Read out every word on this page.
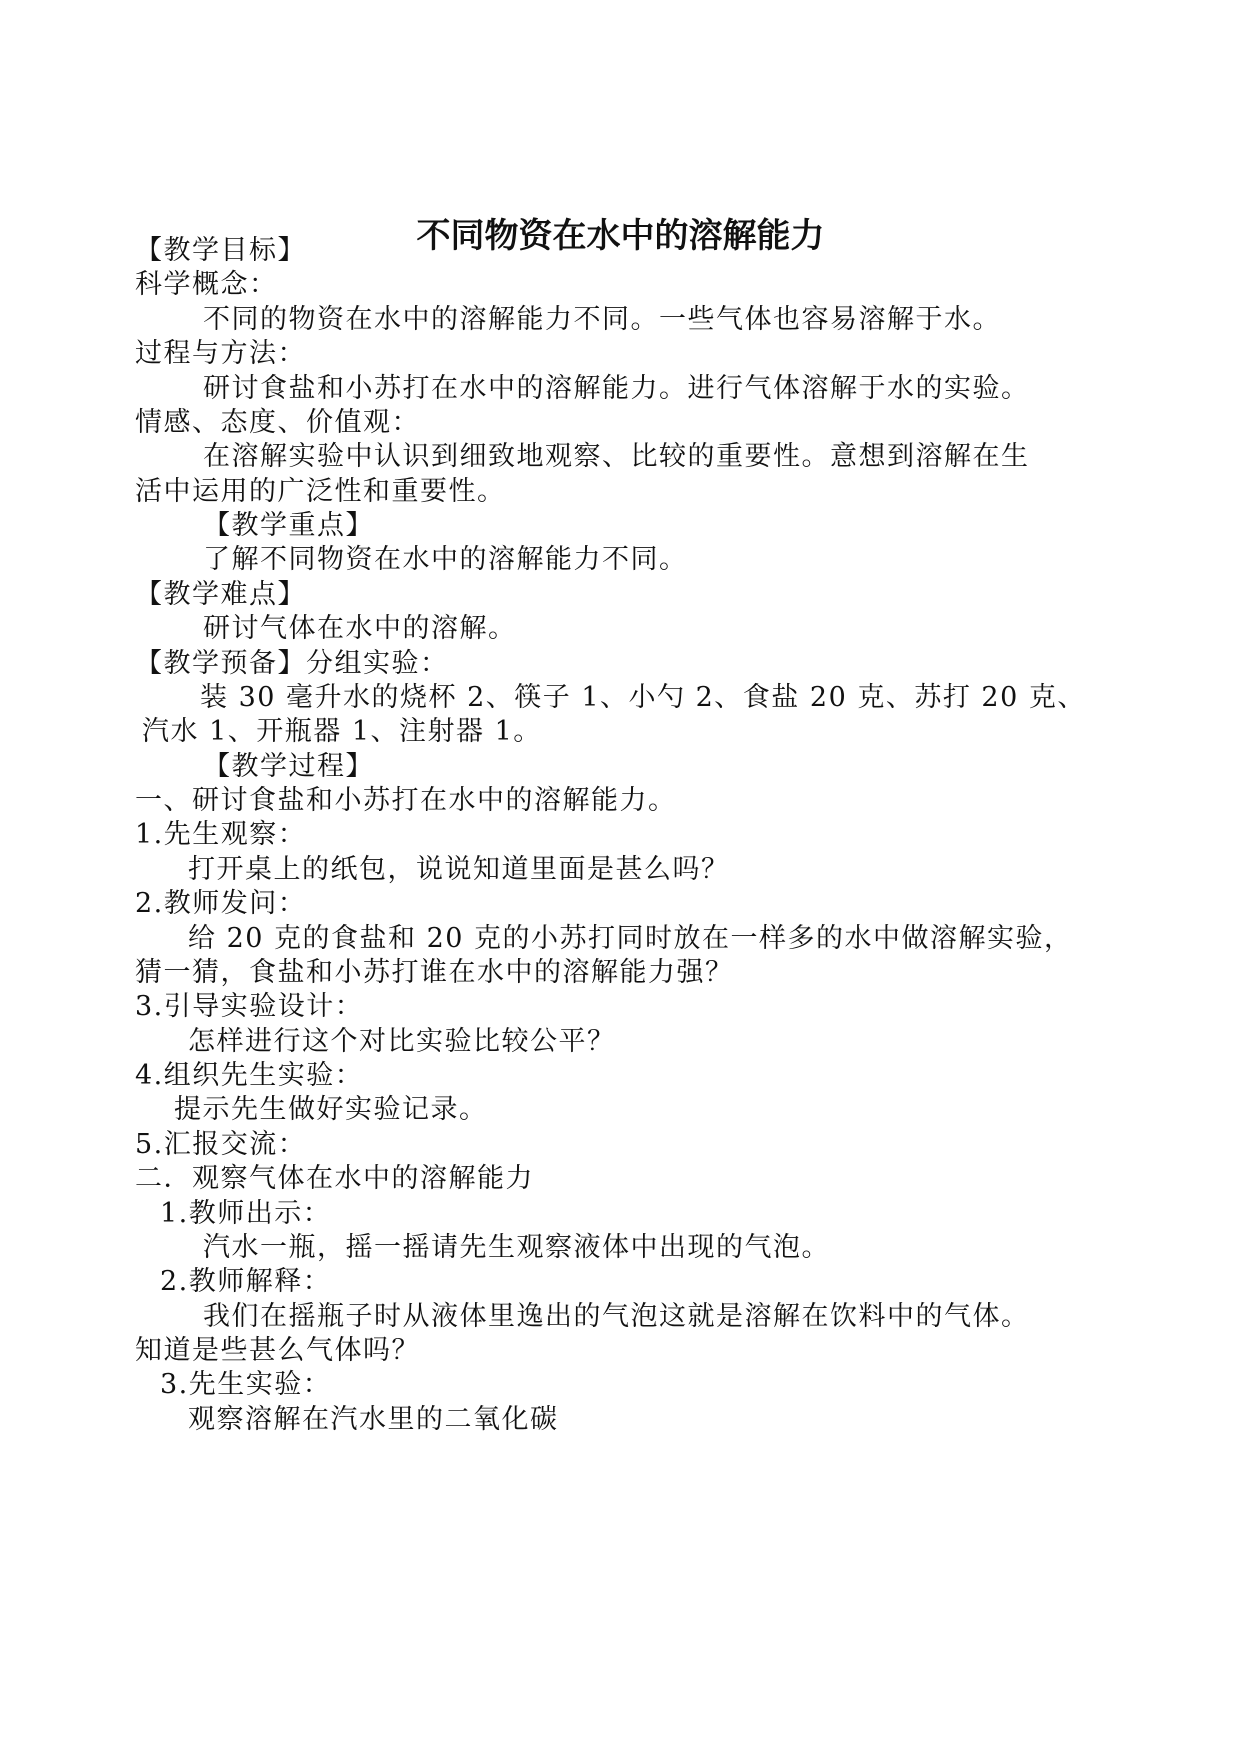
不同物资在水中的溶解能力
【教学目标】
科学概念：
不同的物资在水中的溶解能力不同。一些气体也容易溶解于水。
过程与方法：
研讨食盐和小苏打在水中的溶解能力。进行气体溶解于水的实验。
情感、态度、价值观：
在溶解实验中认识到细致地观察、比较的重要性。意想到溶解在生
活中运用的广泛性和重要性。
【教学重点】
了解不同物资在水中的溶解能力不同。
【教学难点】
研讨气体在水中的溶解。
【教学预备】分组实验：
装 30 毫升水的烧杯 2、筷子 1、小勺 2、食盐 20 克、苏打 20 克、
汽水 1、开瓶器 1、注射器 1。
【教学过程】
一、研讨食盐和小苏打在水中的溶解能力。
1.先生观察：
打开桌上的纸包，说说知道里面是甚么吗？
2.教师发问：
给 20 克的食盐和 20 克的小苏打同时放在一样多的水中做溶解实验，
猜一猜，食盐和小苏打谁在水中的溶解能力强？
3.引导实验设计：
怎样进行这个对比实验比较公平？
4.组织先生实验：
提示先生做好实验记录。
5.汇报交流：
二．观察气体在水中的溶解能力
1.教师出示：
汽水一瓶，摇一摇请先生观察液体中出现的气泡。
2.教师解释：
我们在摇瓶子时从液体里逸出的气泡这就是溶解在饮料中的气体。
知道是些甚么气体吗？
3.先生实验：
观察溶解在汽水里的二氧化碳
